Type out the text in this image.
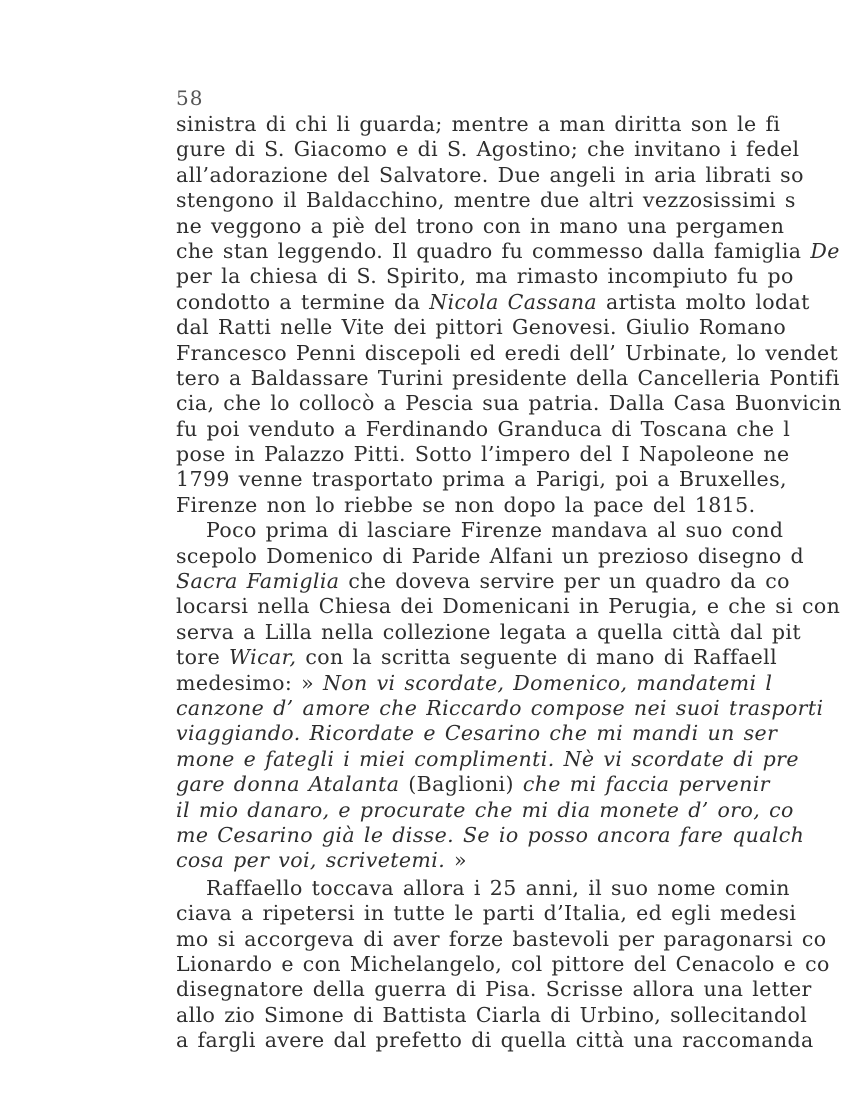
58
sinistra di chi li guarda; mentre a man diritta son le fi
gure di S. Giacomo e di S. Agostino; che invitano i fedel
all’adorazione del Salvatore. Due angeli in aria librati so
stengono il Baldacchino, mentre due altri vezzosissimi s
ne veggono a piè del trono con in mano una pergamen
che stan leggendo. Il quadro fu commesso dalla famiglia De
per la chiesa di S. Spirito, ma rimasto incompiuto fu po
condotto a termine da Nicola Cassana artista molto lodat
dal Ratti nelle Vite dei pittori Genovesi. Giulio Romano
Francesco Penni discepoli ed eredi dell’ Urbinate, lo vendet
tero a Baldassare Turini presidente della Cancelleria Pontifi
cia, che lo collocò a Pescia sua patria. Dalla Casa Buonvicin
fu poi venduto a Ferdinando Granduca di Toscana che l
pose in Palazzo Pitti. Sotto l’impero del I Napoleone ne
1799 venne trasportato prima a Parigi, poi a Bruxelles,
Firenze non lo riebbe se non dopo la pace del 1815.
Poco prima di lasciare Firenze mandava al suo cond
scepolo Domenico di Paride Alfani un prezioso disegno d
Sacra Famiglia che doveva servire per un quadro da co
locarsi nella Chiesa dei Domenicani in Perugia, e che si con
serva a Lilla nella collezione legata a quella città dal pit
tore Wicar, con la scritta seguente di mano di Raffaell
medesimo: » Non vi scordate, Domenico, mandatemi l
canzone d’ amore che Riccardo compose nei suoi trasporti
viaggiando. Ricordate e Cesarino che mi mandi un ser
mone e fategli i miei complimenti. Nè vi scordate di pre
gare donna Atalanta (Baglioni) che mi faccia pervenir
il mio danaro, e procurate che mi dia monete d’ oro, co
me Cesarino già le disse. Se io posso ancora fare qualch
cosa per voi, scrivetemi. »
Raffaello toccava allora i 25 anni, il suo nome comin
ciava a ripetersi in tutte le parti d’Italia, ed egli medesi
mo si accorgeva di aver forze bastevoli per paragonarsi co
Lionardo e con Michelangelo, col pittore del Cenacolo e co
disegnatore della guerra di Pisa. Scrisse allora una letter
allo zio Simone di Battista Ciarla di Urbino, sollecitandol
a fargli avere dal prefetto di quella città una raccomanda
